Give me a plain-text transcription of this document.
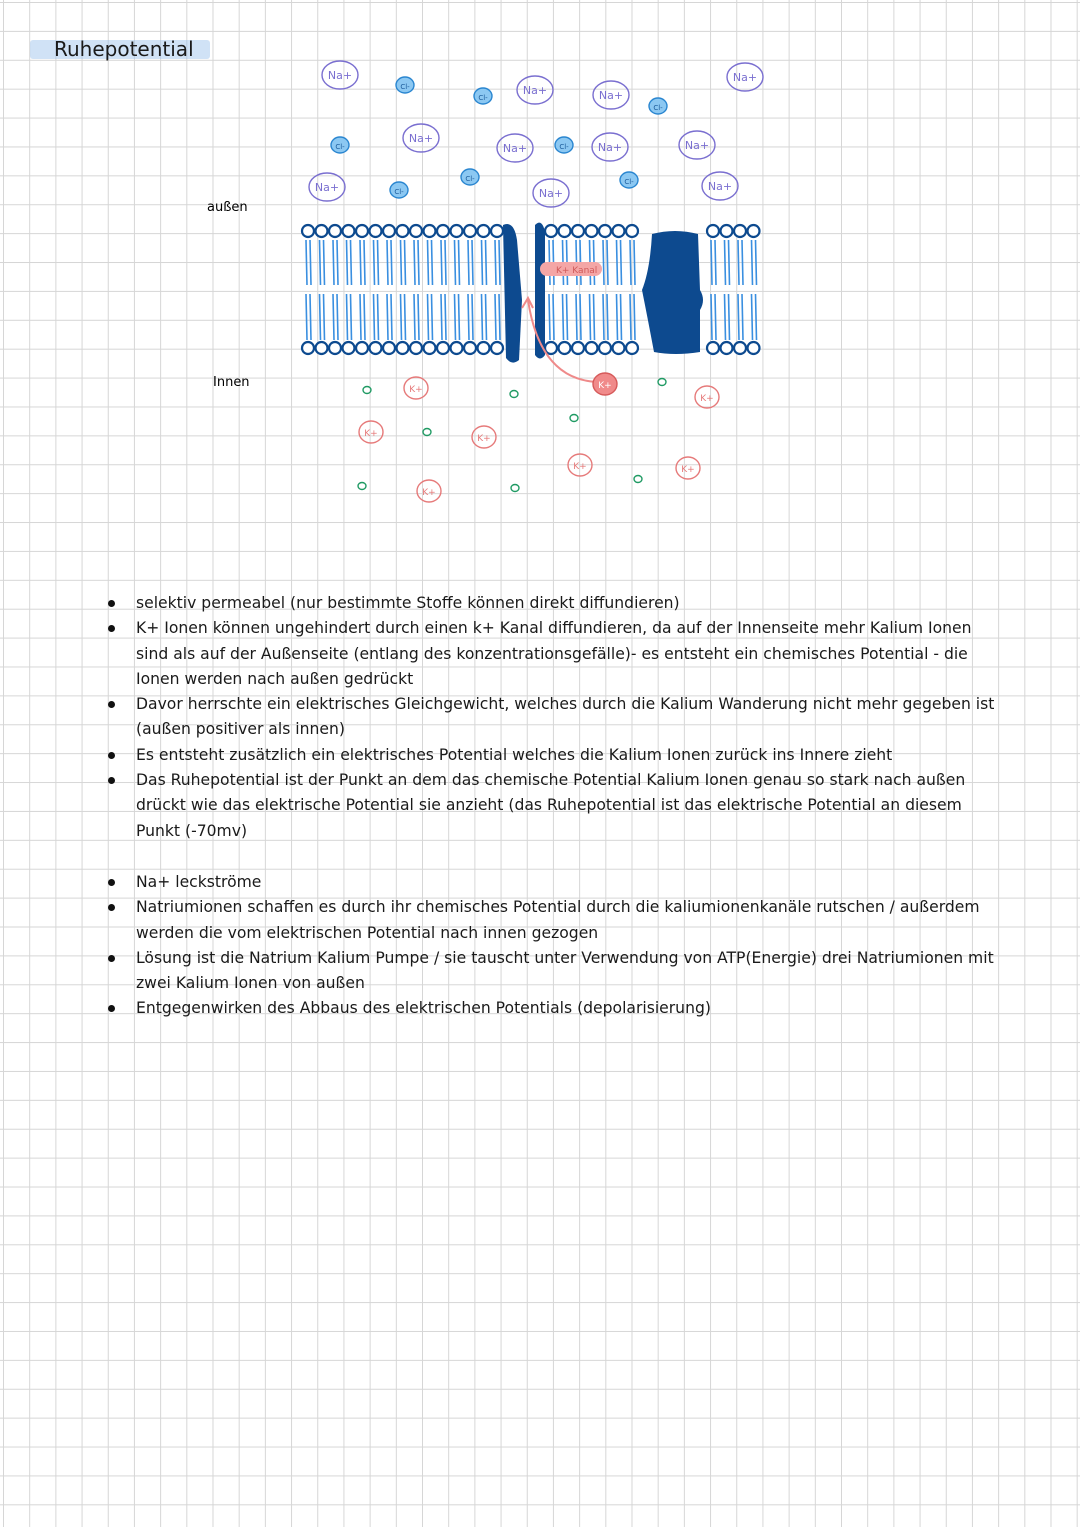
Ruhepotential
außen
Innen
K+ Kanal
Na+
Na+	Na+
Na+
Na+
Na+	Na+	Na+
Na+	Na+
Na+
Cl-
Cl-
Cl-
Cl-	Cl-
Cl-
Cl-	Cl-
K+
K+	K+
K+
K+
K+
K+
K+
selektiv permeabel (nur bestimmte Stoffe können direkt diffundieren)
K+ Ionen können ungehindert durch einen k+ Kanal diffundieren, da auf der Innenseite mehr Kalium Ionen sind als auf der Außenseite (entlang des konzentrationsgefälle)- es entsteht ein chemisches Potential - die Ionen werden nach außen gedrückt
Davor herrschte ein elektrisches Gleichgewicht, welches durch die Kalium Wanderung nicht mehr gegeben ist (außen positiver als innen)
Es entsteht zusätzlich ein elektrisches Potential welches die Kalium Ionen zurück ins Innere zieht
Das Ruhepotential ist der Punkt an dem das chemische Potential Kalium Ionen genau so stark nach außen drückt wie das elektrische Potential sie anzieht (das Ruhepotential ist das elektrische Potential an diesem Punkt (-70mv)
Na+ leckströme
Natriumionen schaffen es durch ihr chemisches Potential durch die kaliumionenkanäle rutschen / außerdem werden die vom elektrischen Potential nach innen gezogen
Lösung ist die Natrium Kalium Pumpe / sie tauscht unter Verwendung von ATP(Energie) drei Natriumionen mit zwei Kalium Ionen von außen
Entgegenwirken des Abbaus des elektrischen Potentials (depolarisierung)
